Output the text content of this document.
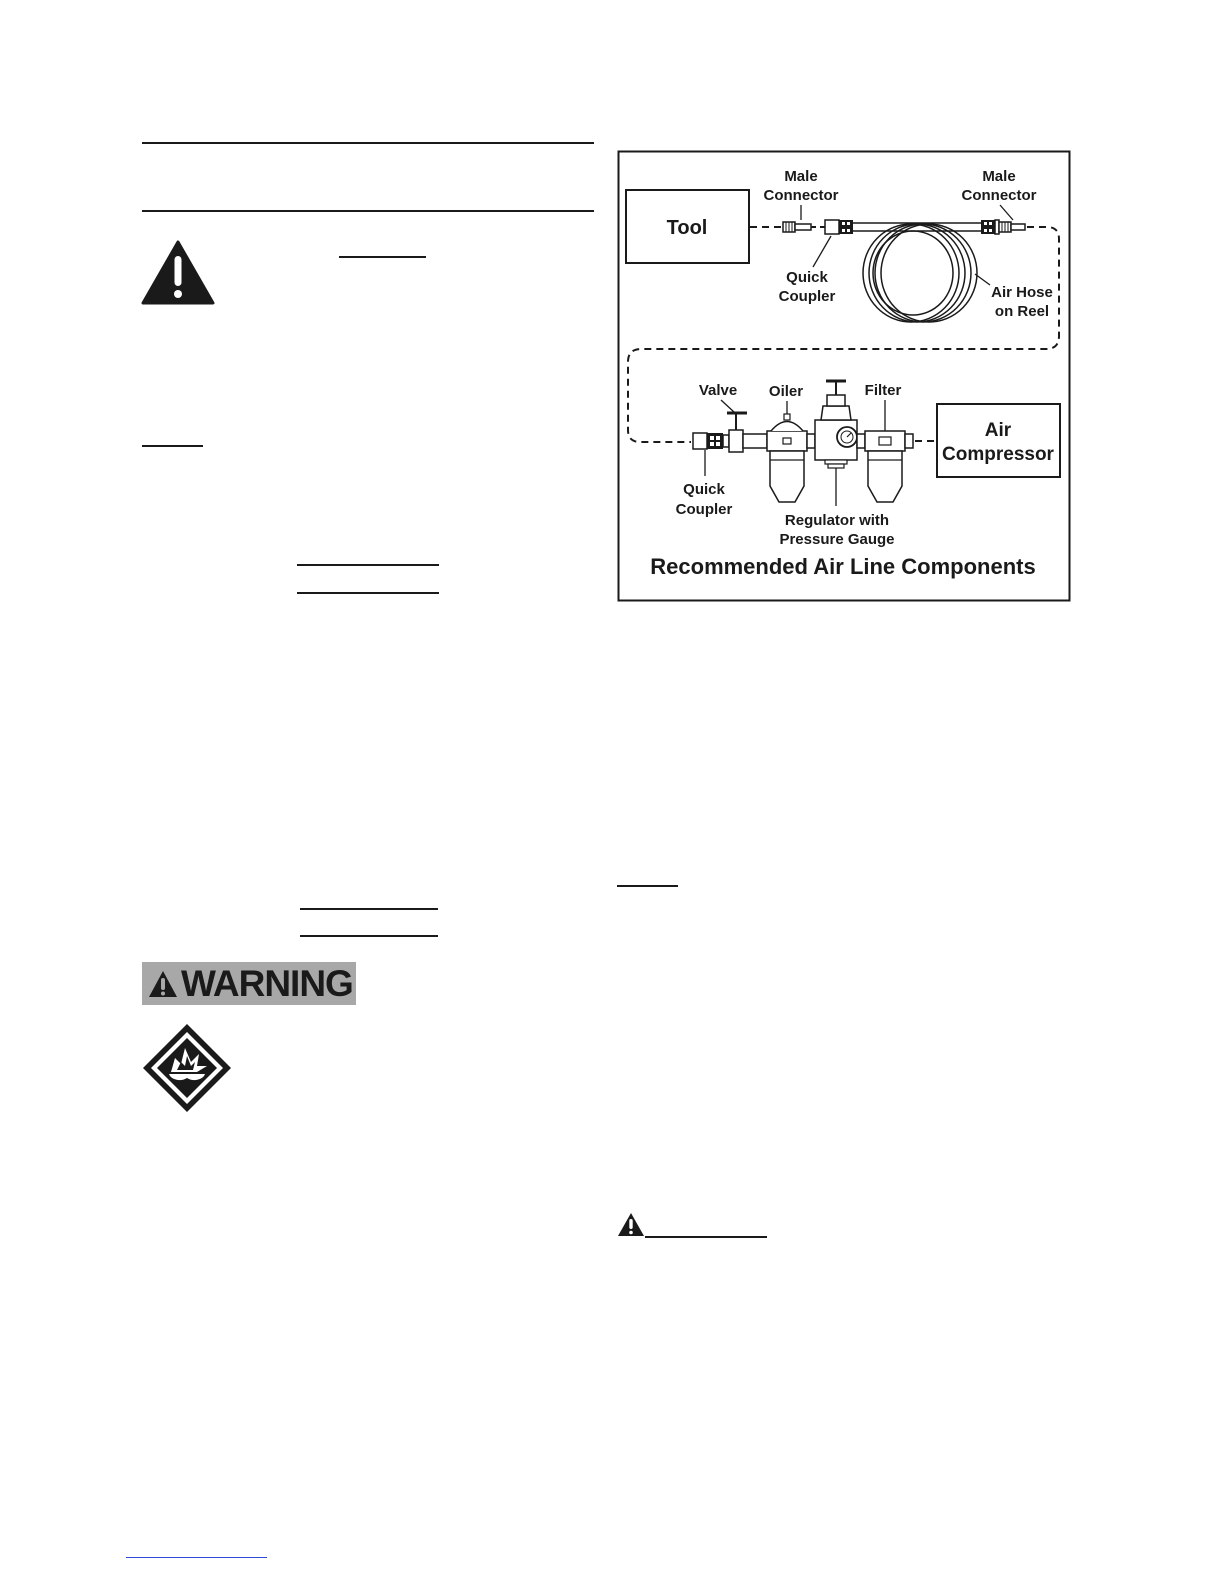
WARNING
Tool
Male
Connector
Male
Connector
Quick
Coupler	Air Hose
on Reel
Air
Compressor
Valve Oiler	Filter
Quick
Coupler
Regulator with
Pressure Gauge
Recommended Air Line Components
